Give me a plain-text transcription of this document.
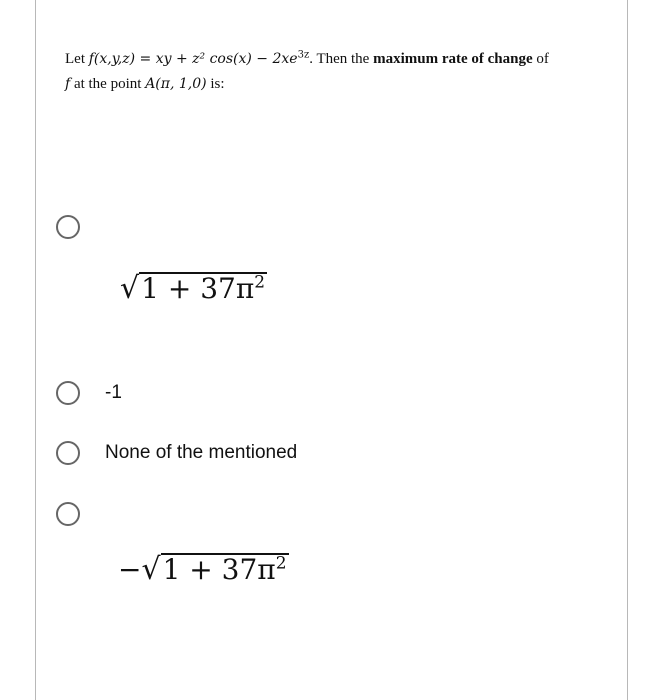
Let f(x,y,z) = xy + z² $\cos(x) - 2xe^{3z}$. Then the maximum rate of change of
f at the point A(π, 1,0) is:
$√1 + 37\pi^2$
-1
None of the mentioned
$-√1 + 37\pi^2$
